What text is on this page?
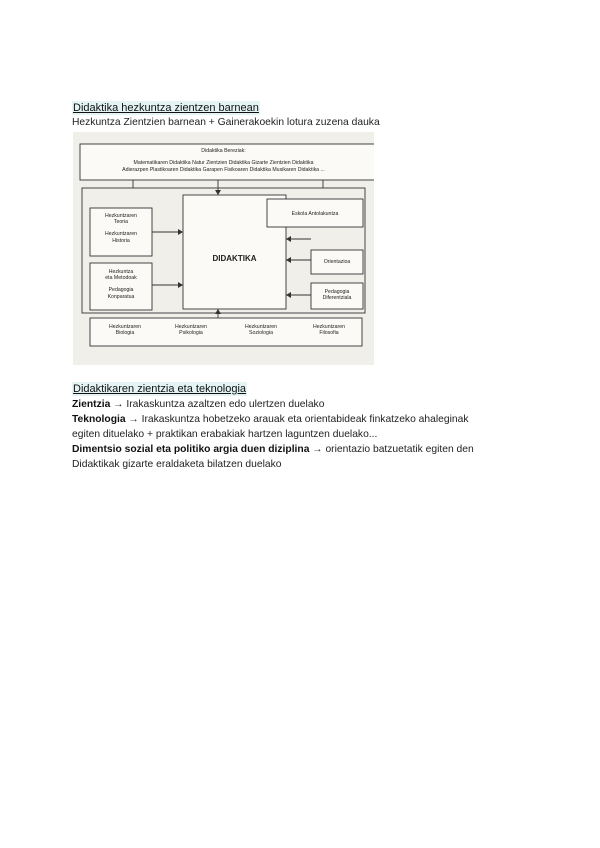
Didaktika hezkuntza zientzen barnean
Hezkuntza Zientzien barnean + Gainerakoekin lotura zuzena dauka
Didaktika Bereziak:
Matematikaren Didaktika Natur Zientzien Didaktika Gizarte Zientzien Didaktika
Adierazpen Plastikoaren Didaktika Garapen Fisikoaren Didaktika Musikaren Didaktika ...
Hezkuntzaren
Teoria
Hezkuntzaren
Historia
Hezkuntza
eta Metodoak
Pedagogia
Konparatua
DIDAKTIKA
Eskola Antolakuntza
Orientazioa
Pedagogia
Diferentziala
Hezkuntzaren
Biologia
Hezkuntzaren
Psikologia
Hezkuntzaren
Soziologia
Hezkuntzaren
Filosofia
Didaktikaren zientzia eta teknologia
Zientzia → Irakaskuntza azaltzen edo ulertzen duelako
Teknologia → Irakaskuntza hobetzeko arauak eta orientabideak finkatzeko ahaleginak
egiten dituelako + praktikan erabakiak hartzen laguntzen duelako...
Dimentsio sozial eta politiko argia duen diziplina → orientazio batzuetatik egiten den
Didaktikak gizarte eraldaketa bilatzen duelako
